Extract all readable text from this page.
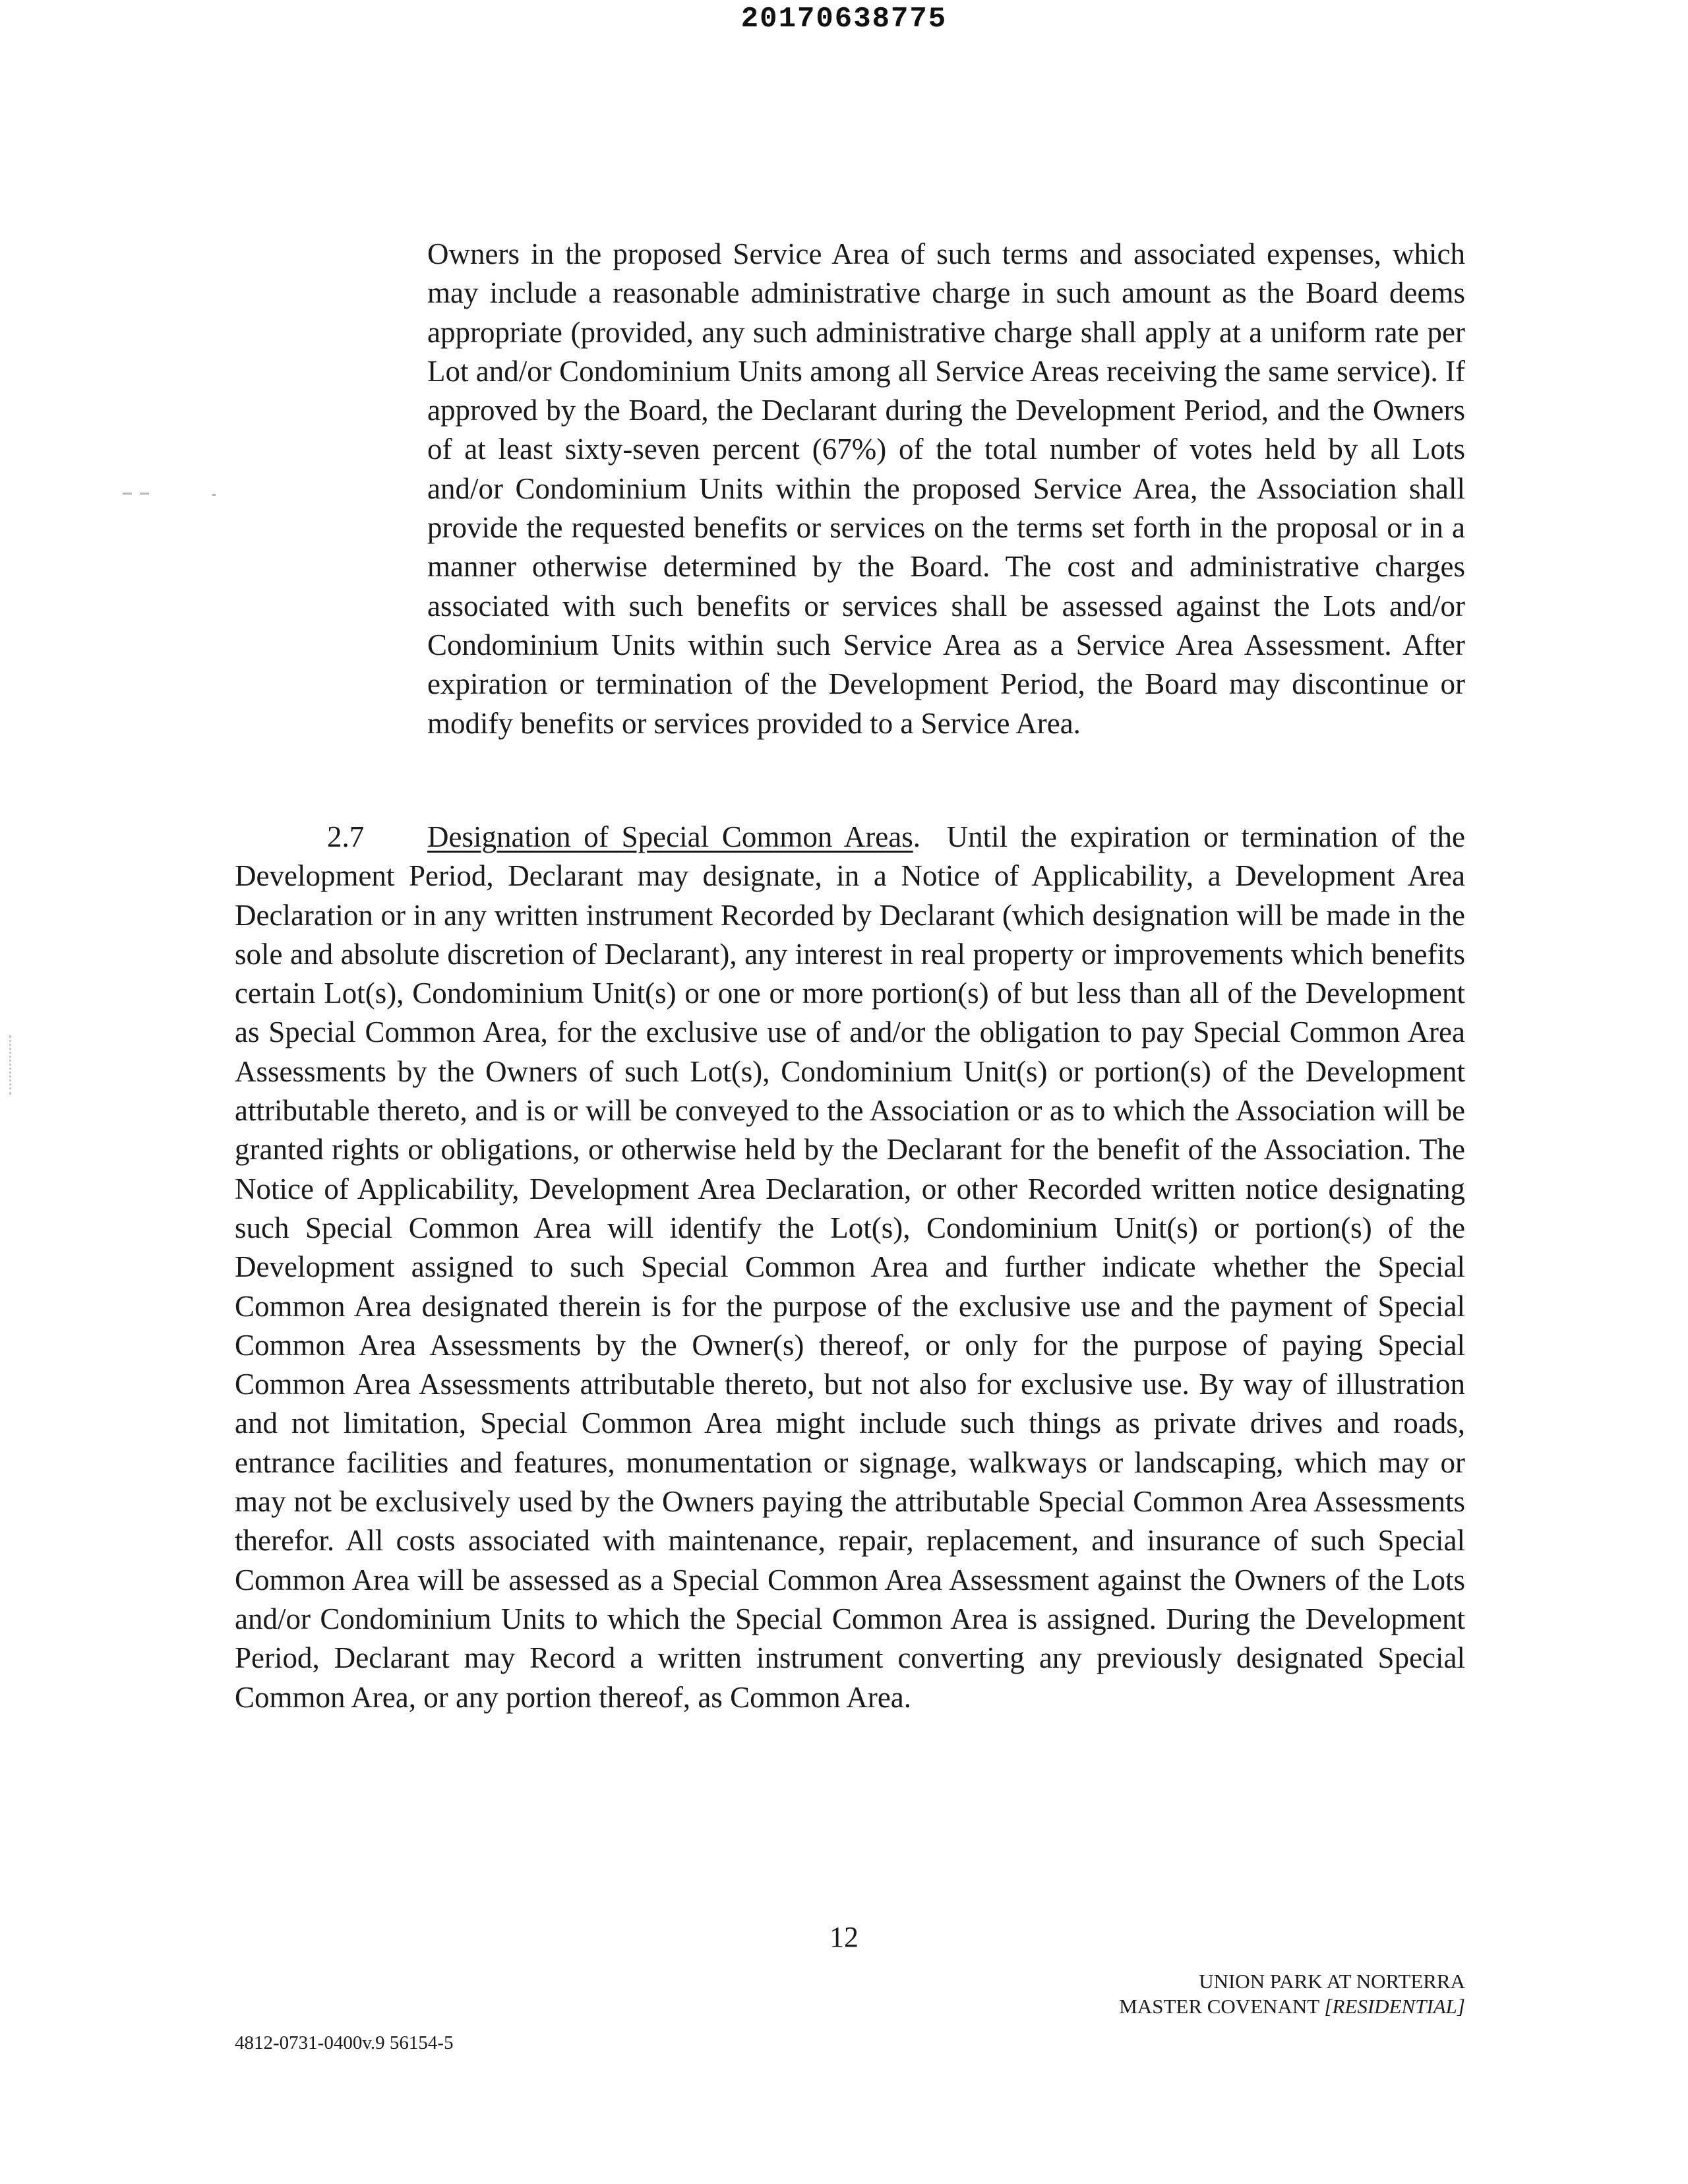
20170638775

Owners in the proposed Service Area of such terms and associated expenses, which may include a reasonable administrative charge in such amount as the Board deems appropriate (provided, any such administrative charge shall apply at a uniform rate per Lot and/or Condominium Units among all Service Areas receiving the same service). If approved by the Board, the Declarant during the Development Period, and the Owners of at least sixty-seven percent (67%) of the total number of votes held by all Lots and/or Condominium Units within the proposed Service Area, the Association shall provide the requested benefits or services on the terms set forth in the proposal or in a manner otherwise determined by the Board. The cost and administrative charges associated with such benefits or services shall be assessed against the Lots and/or Condominium Units within such Service Area as a Service Area Assessment. After expiration or termination of the Development Period, the Board may discontinue or modify benefits or services provided to a Service Area.

2.7 Designation of Special Common Areas. Until the expiration or termination of the Development Period, Declarant may designate, in a Notice of Applicability, a Development Area Declaration or in any written instrument Recorded by Declarant (which designation will be made in the sole and absolute discretion of Declarant), any interest in real property or improvements which benefits certain Lot(s), Condominium Unit(s) or one or more portion(s) of but less than all of the Development as Special Common Area, for the exclusive use of and/or the obligation to pay Special Common Area Assessments by the Owners of such Lot(s), Condominium Unit(s) or portion(s) of the Development attributable thereto, and is or will be conveyed to the Association or as to which the Association will be granted rights or obligations, or otherwise held by the Declarant for the benefit of the Association. The Notice of Applicability, Development Area Declaration, or other Recorded written notice designating such Special Common Area will identify the Lot(s), Condominium Unit(s) or portion(s) of the Development assigned to such Special Common Area and further indicate whether the Special Common Area designated therein is for the purpose of the exclusive use and the payment of Special Common Area Assessments by the Owner(s) thereof, or only for the purpose of paying Special Common Area Assessments attributable thereto, but not also for exclusive use. By way of illustration and not limitation, Special Common Area might include such things as private drives and roads, entrance facilities and features, monumentation or signage, walkways or landscaping, which may or may not be exclusively used by the Owners paying the attributable Special Common Area Assessments therefor. All costs associated with maintenance, repair, replacement, and insurance of such Special Common Area will be assessed as a Special Common Area Assessment against the Owners of the Lots and/or Condominium Units to which the Special Common Area is assigned. During the Development Period, Declarant may Record a written instrument converting any previously designated Special Common Area, or any portion thereof, as Common Area.

12
UNION PARK AT NORTERRA
MASTER COVENANT [RESIDENTIAL]
4812-0731-0400v.9 56154-5
